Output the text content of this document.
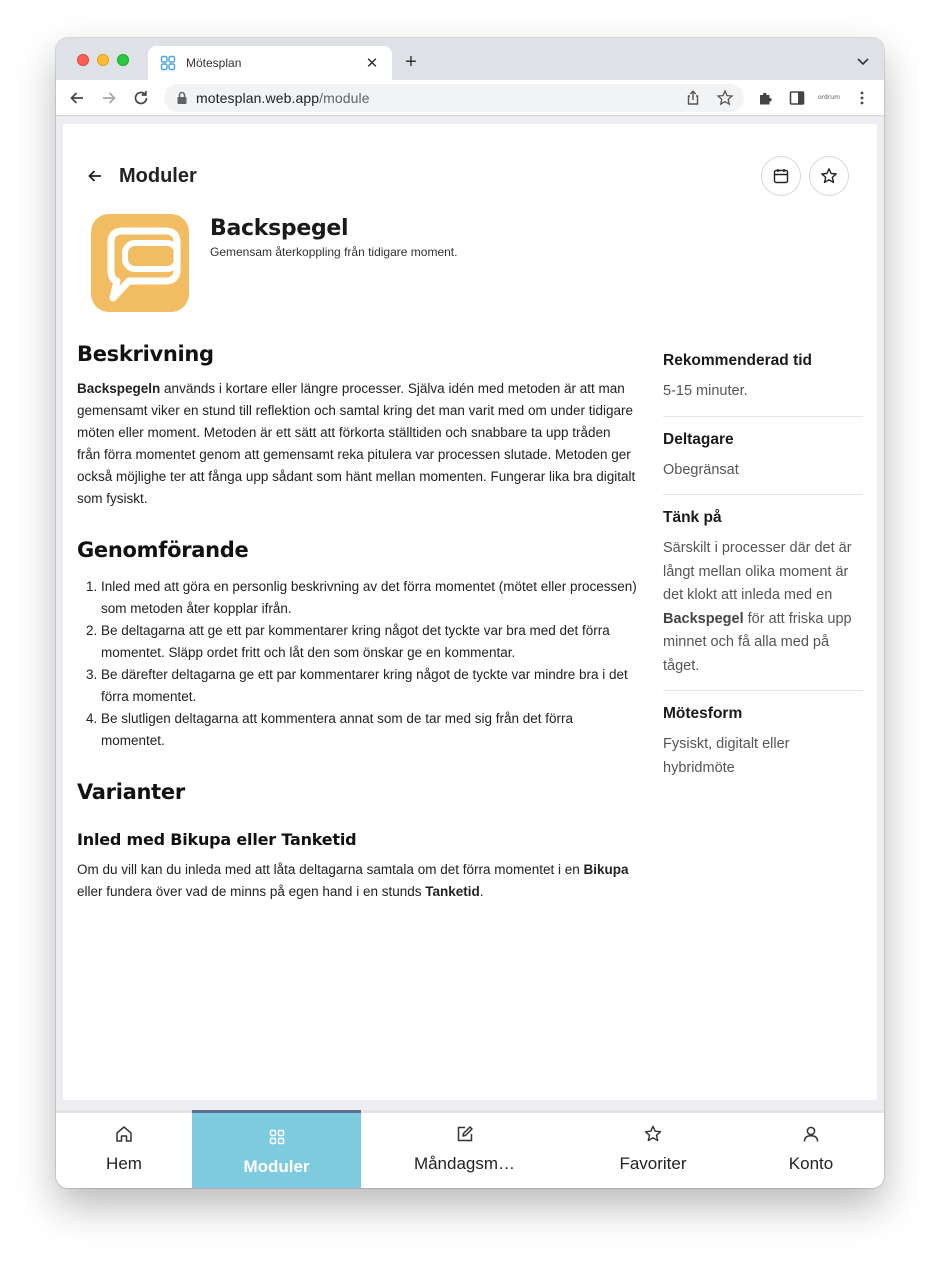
Mötesplan	✕ +
motesplan.web.app/module	ordrum
Moduler
Backspegel
Gemensam återkoppling från tidigare moment.
Beskrivning

Backspegeln används i kortare eller längre processer. Själva idén med metoden är att man gemensamt viker en stund till reflektion och samtal kring det man varit med om under tidigare möten eller moment. Metoden är ett sätt att förkorta ställtiden och snabbare ta upp tråden från förra momentet genom att gemensamt reka pitulera var processen slutade. Metoden ger också möjlighe ter att fånga upp sådant som hänt mellan momenten. Fungerar lika bra digitalt som fysiskt.

Genomförande
1. Inled med att göra en personlig beskrivning av det förra momentet (mötet eller processen) som metoden åter kopplar ifrån.
2. Be deltagarna att ge ett par kommentarer kring något det tyckte var bra med det förra momentet. Släpp ordet fritt och låt den som önskar ge en kommentar.
3. Be därefter deltagarna ge ett par kommentarer kring något de tyckte var mindre bra i det förra momentet.
4. Be slutligen deltagarna att kommentera annat som de tar med sig från det förra momentet.
Varianter
Inled med Bikupa eller Tanketid

Om du vill kan du inleda med att låta deltagarna samtala om det förra momentet i en Bikupa eller fundera över vad de minns på egen hand i en stunds Tanketid.

Rekommenderad tid
5-15 minuter.
Deltagare
Obegränsat
Tänk på
Särskilt i processer där det är långt mellan olika moment är det klokt att inleda med en Backspegel för att friska upp minnet och få alla med på tåget.
Mötesform
Fysiskt, digitalt eller hybridmöte
Hem	Moduler	Måndagsm…	Favoriter	Konto
